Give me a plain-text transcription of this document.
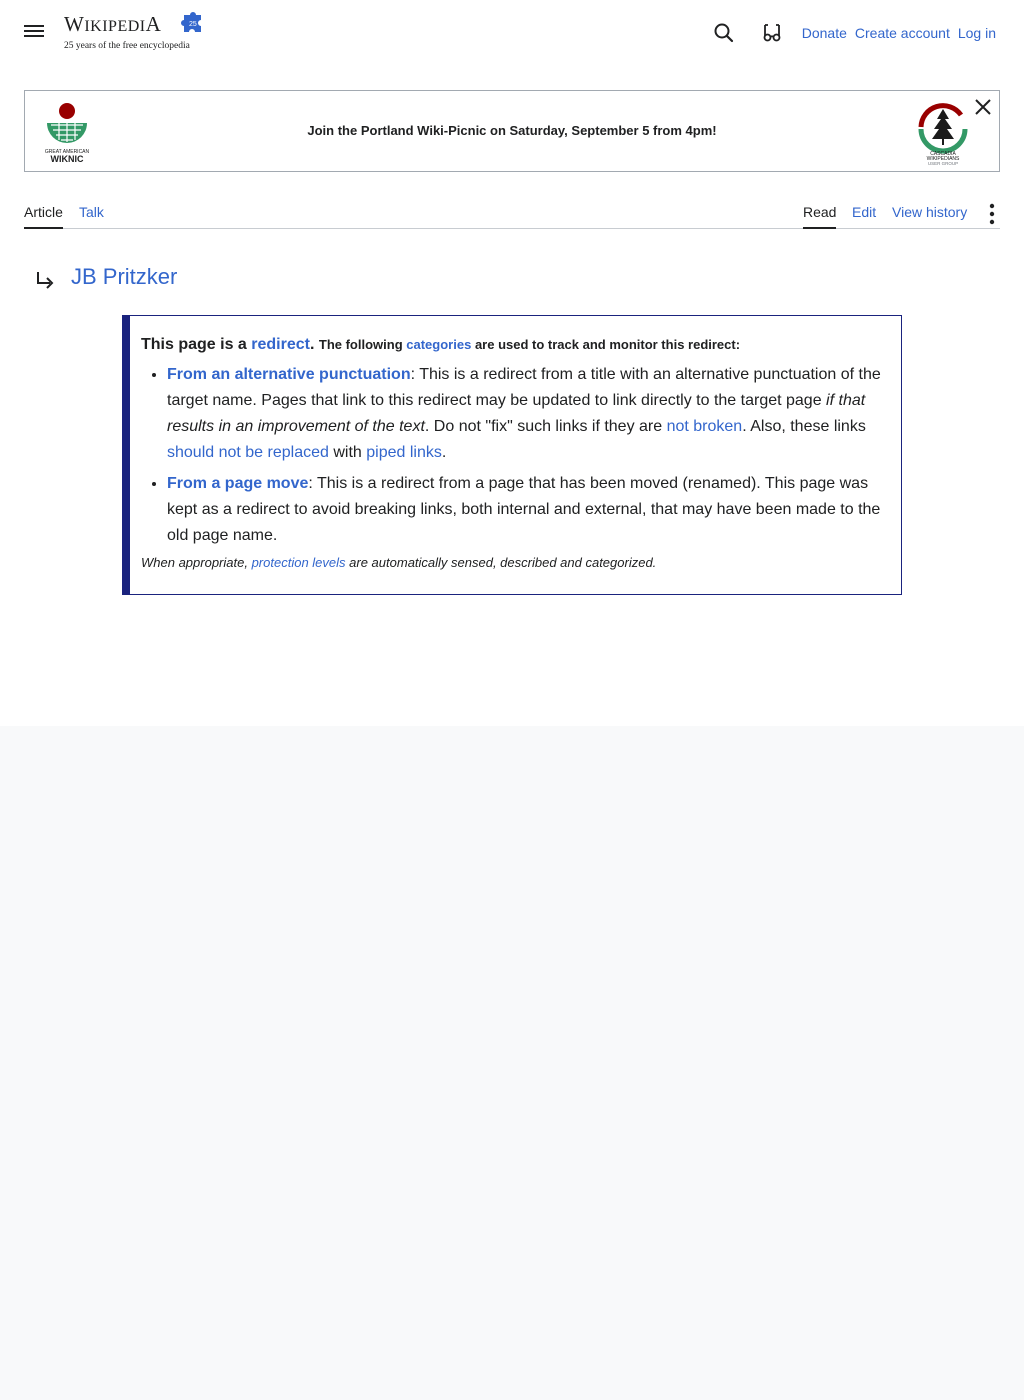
WIKIPEDIA	25
25 years of the free encyclopedia
Donate Create account Log in
GREAT AMERICAN
WIKNIC
Join the Portland Wiki-Picnic on Saturday, September 5 from 4pm!
CASCADIA
WIKIPEDIANS
USER GROUP
Article Talk	Read Edit View history
JB Pritzker

This page is a redirect. The following categories are used to track and monitor this redirect:

• From an alternative punctuation: This is a redirect from a title with an alternative punctuation of the target name. Pages that link to this redirect may be updated to link directly to the target page if that results in an improvement of the text. Do not "fix" such links if they are not broken. Also, these links should not be replaced with piped links.
• From a page move: This is a redirect from a page that has been moved (renamed). This page was kept as a redirect to avoid breaking links, both internal and external, that may have been made to the old page name.
When appropriate, protection levels are automatically sensed, described and categorized.
